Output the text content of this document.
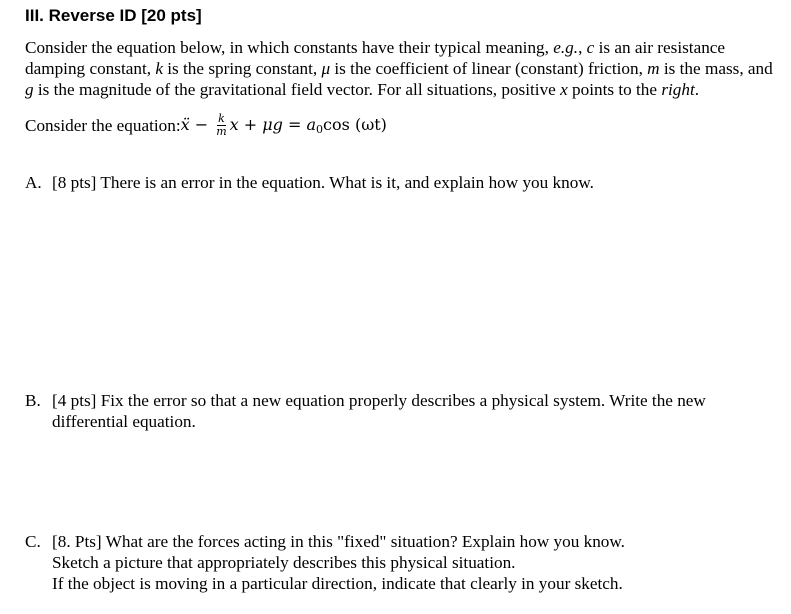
III. Reverse ID [20 pts]
Consider the equation below, in which constants have their typical meaning, e.g., c is an air resistance damping constant, k is the spring constant, μ is the coefficient of linear (constant) friction, m is the mass, and g is the magnitude of the gravitational field vector. For all situations, positive x points to the right.
Consider the equation: ẍ − $\frac{k}{m}$ $x + \mu g = a_0\cos$ (ωt)
A. [8 pts] There is an error in the equation. What is it, and explain how you know.
B. [4 pts] Fix the error so that a new equation properly describes a physical system. Write the new differential equation.
C. [8. Pts] What are the forces acting in this "fixed" situation? Explain how you know.
Sketch a picture that appropriately describes this physical situation.
If the object is moving in a particular direction, indicate that clearly in your sketch.
